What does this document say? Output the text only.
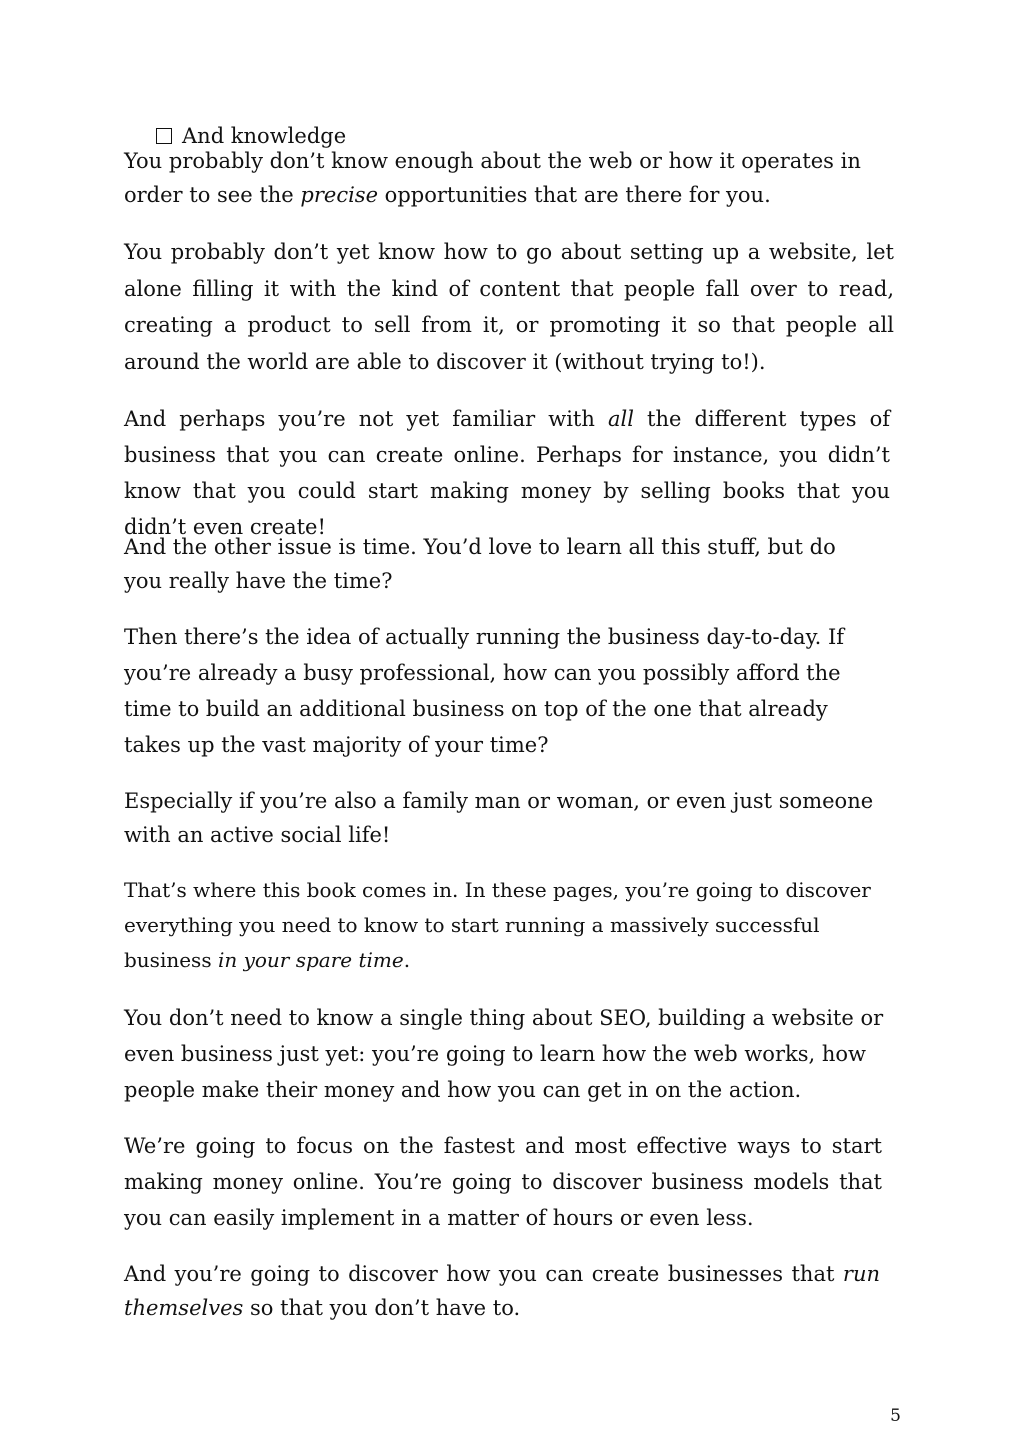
And knowledge

You probably don’t know enough about the web or how it operates in order to see the precise opportunities that are there for you.

You probably don’t yet know how to go about setting up a website, let alone filling it with the kind of content that people fall over to read, creating a product to sell from it, or promoting it so that people all around the world are able to discover it (without trying to!).

And perhaps you’re not yet familiar with all the different types of business that you can create online. Perhaps for instance, you didn’t know that you could start making money by selling books that you didn’t even create!

And the other issue is time. You’d love to learn all this stuff, but do you really have the time?

Then there’s the idea of actually running the business day-to-day. If you’re already a busy professional, how can you possibly afford the time to build an additional business on top of the one that already takes up the vast majority of your time?

Especially if you’re also a family man or woman, or even just someone with an active social life!

That’s where this book comes in. In these pages, you’re going to discover everything you need to know to start running a massively successful business in your spare time.

You don’t need to know a single thing about SEO, building a website or even business just yet: you’re going to learn how the web works, how people make their money and how you can get in on the action.

We’re going to focus on the fastest and most effective ways to start making money online. You’re going to discover business models that you can easily implement in a matter of hours or even less.

And you’re going to discover how you can create businesses that run themselves so that you don’t have to.

5
